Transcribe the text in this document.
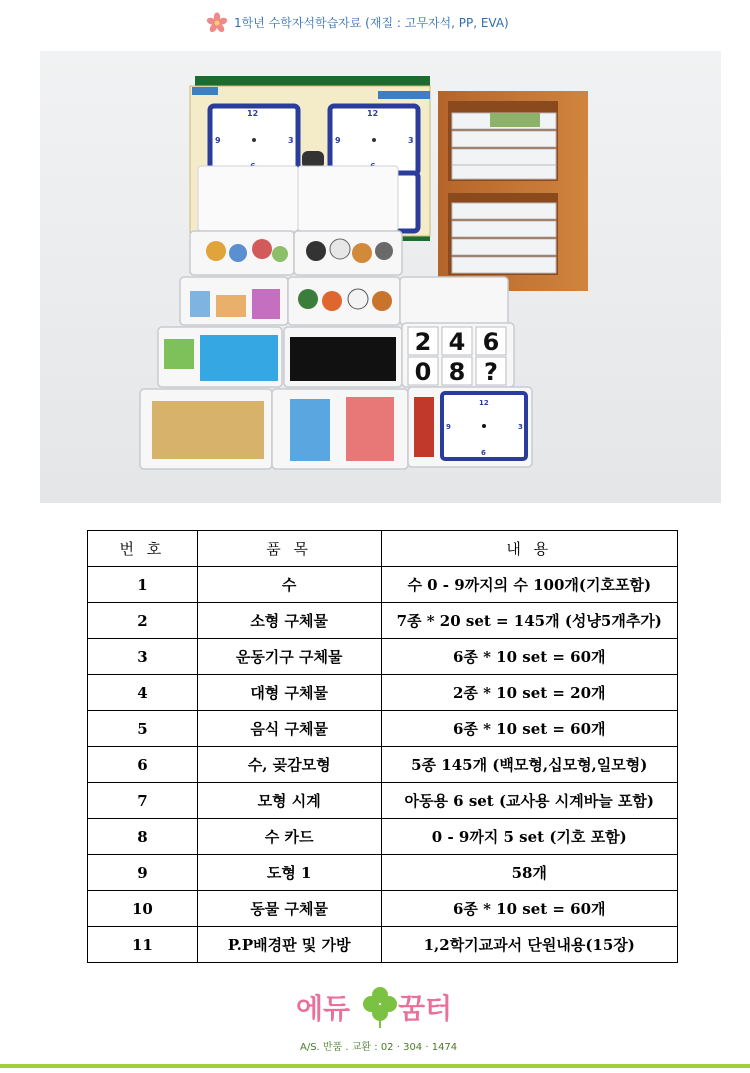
1학년 수학자석학습자료 (재질 : 고무자석, PP, EVA)
12	12
9	3	9	3
2 4 6
0 8 ?
12
6
9	3
번 호	품 목	내 용
1	수	수 0 - 9까지의 수 100개(기호포함)
2	소형 구체물	7종 * 20 set = 145개 (성냥5개추가)
3	운동기구 구체물	6종 * 10 set = 60개
4	대형 구체물	2종 * 10 set = 20개
5	음식 구체물	6종 * 10 set = 60개
6	수, 곶감모형	5종 145개 (백모형,십모형,일모형)
7	모형 시계	아동용 6 set (교사용 시계바늘 포함)
8	수 카드	0 - 9까지 5 set (기호 포함)
9	도형 1	58개
10	동물 구체물	6종 * 10 set = 60개
11	P.P배경판 및 가방	1,2학기교과서 단원내용(15장)
에듀 꿈터
A/S. 반품 . 교환 : 02 · 304 · 1474
